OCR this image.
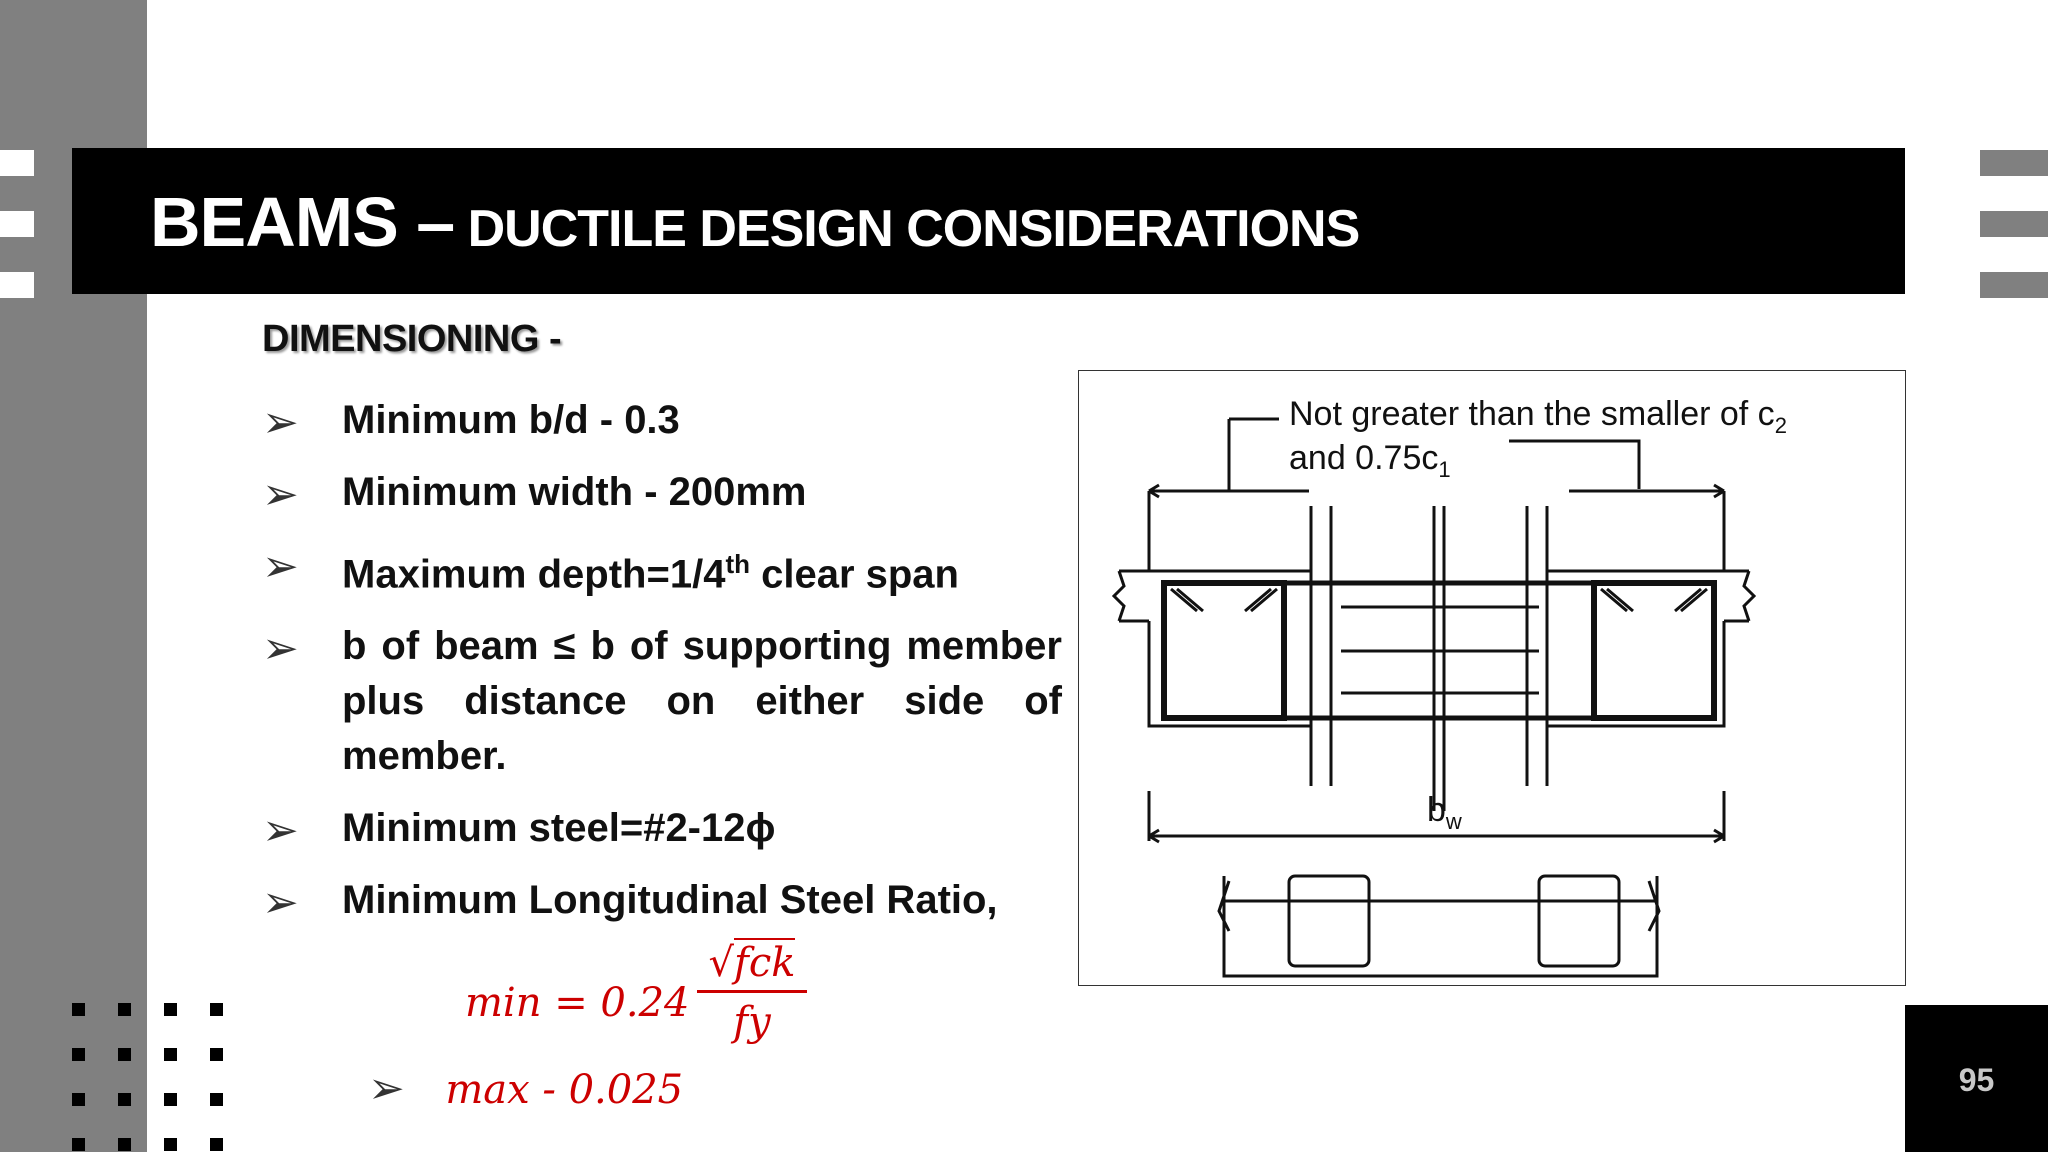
BEAMS – DUCTILE DESIGN CONSIDERATIONS
95
DIMENSIONING -
➢ Minimum b/d - 0.3
➢ Minimum width - 200mm
➢ Maximum depth=1/4th clear span
➢ b of beam ≤ b of supporting member plus distance on either side of member.
➢ Minimum steel=#2-12ϕ
➢ Minimum Longitudinal Steel Ratio,
min = 0.24
√fck
fy
➢ max - 0.025
Not greater than the smaller of $c_2$
and $0.75c_1$
$b_w$
